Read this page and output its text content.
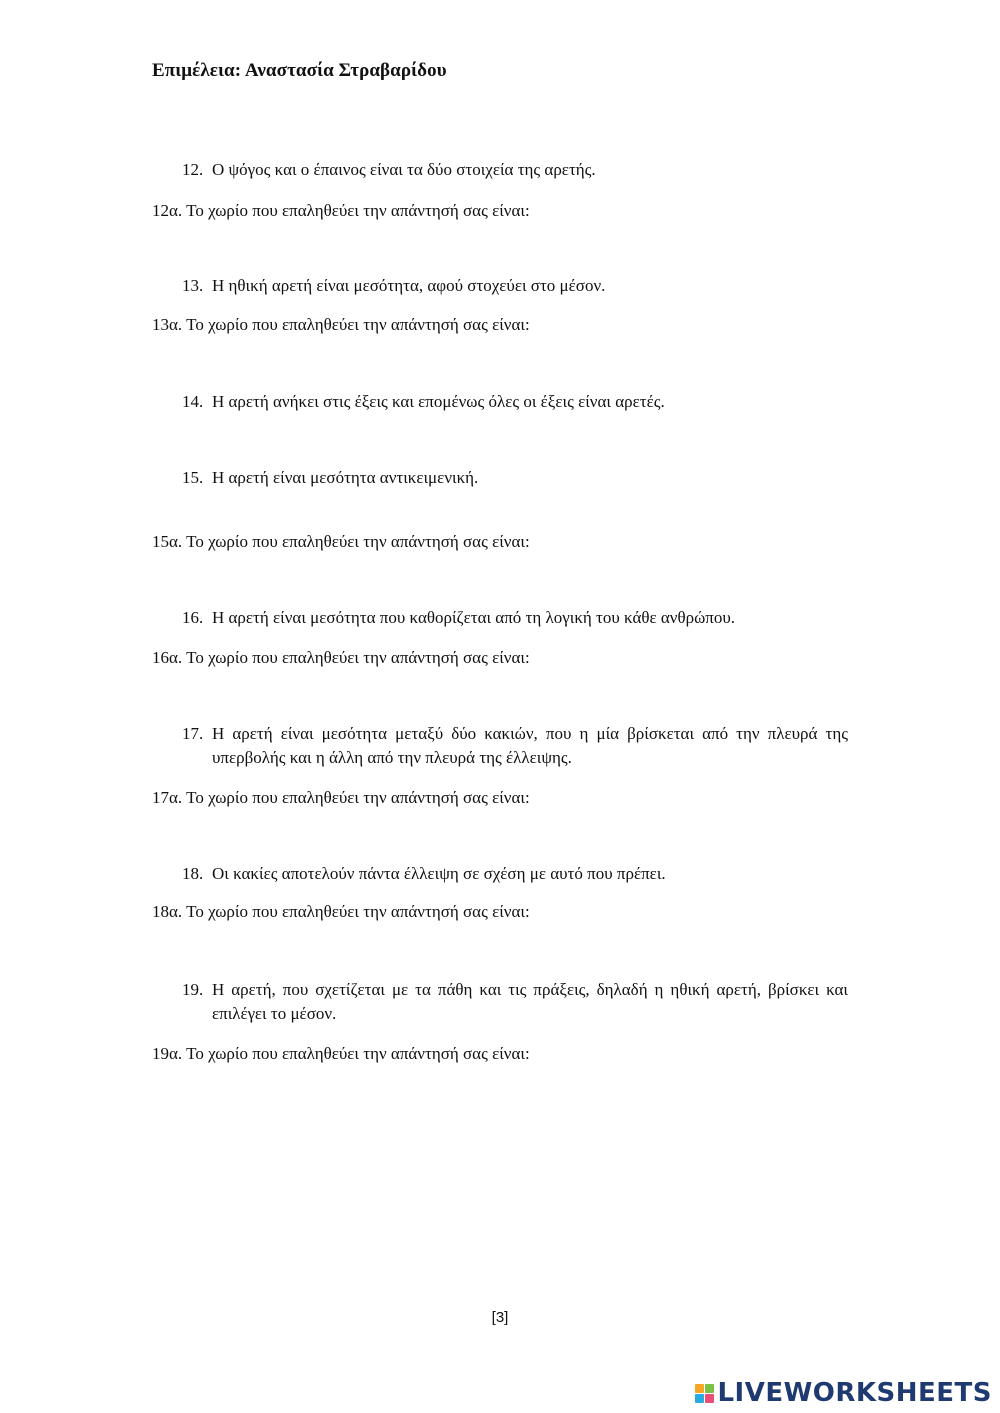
Επιμέλεια: Αναστασία Στραβαρίδου
12. Ο ψόγος και ο έπαινος είναι τα δύο στοιχεία της αρετής.
12α. Το χωρίο που επαληθεύει την απάντησή σας είναι:
13. Η ηθική αρετή είναι μεσότητα, αφού στοχεύει στο μέσον.
13α. Το χωρίο που επαληθεύει την απάντησή σας είναι:
14. Η αρετή ανήκει στις έξεις και επομένως όλες οι έξεις είναι αρετές.
15. Η αρετή είναι μεσότητα αντικειμενική.
15α. Το χωρίο που επαληθεύει την απάντησή σας είναι:
16. Η αρετή είναι μεσότητα που καθορίζεται από τη λογική του κάθε ανθρώπου.
16α. Το χωρίο που επαληθεύει την απάντησή σας είναι:
17. Η αρετή είναι μεσότητα μεταξύ δύο κακιών, που η μία βρίσκεται από την πλευρά της υπερβολής και η άλλη από την πλευρά της έλλειψης.
17α. Το χωρίο που επαληθεύει την απάντησή σας είναι:
18. Οι κακίες αποτελούν πάντα έλλειψη σε σχέση με αυτό που πρέπει.
18α. Το χωρίο που επαληθεύει την απάντησή σας είναι:
19. Η αρετή, που σχετίζεται με τα πάθη και τις πράξεις, δηλαδή η ηθική αρετή, βρίσκει και επιλέγει το μέσον.
19α. Το χωρίο που επαληθεύει την απάντησή σας είναι:
[3]
LIVEWORKSHEETS
